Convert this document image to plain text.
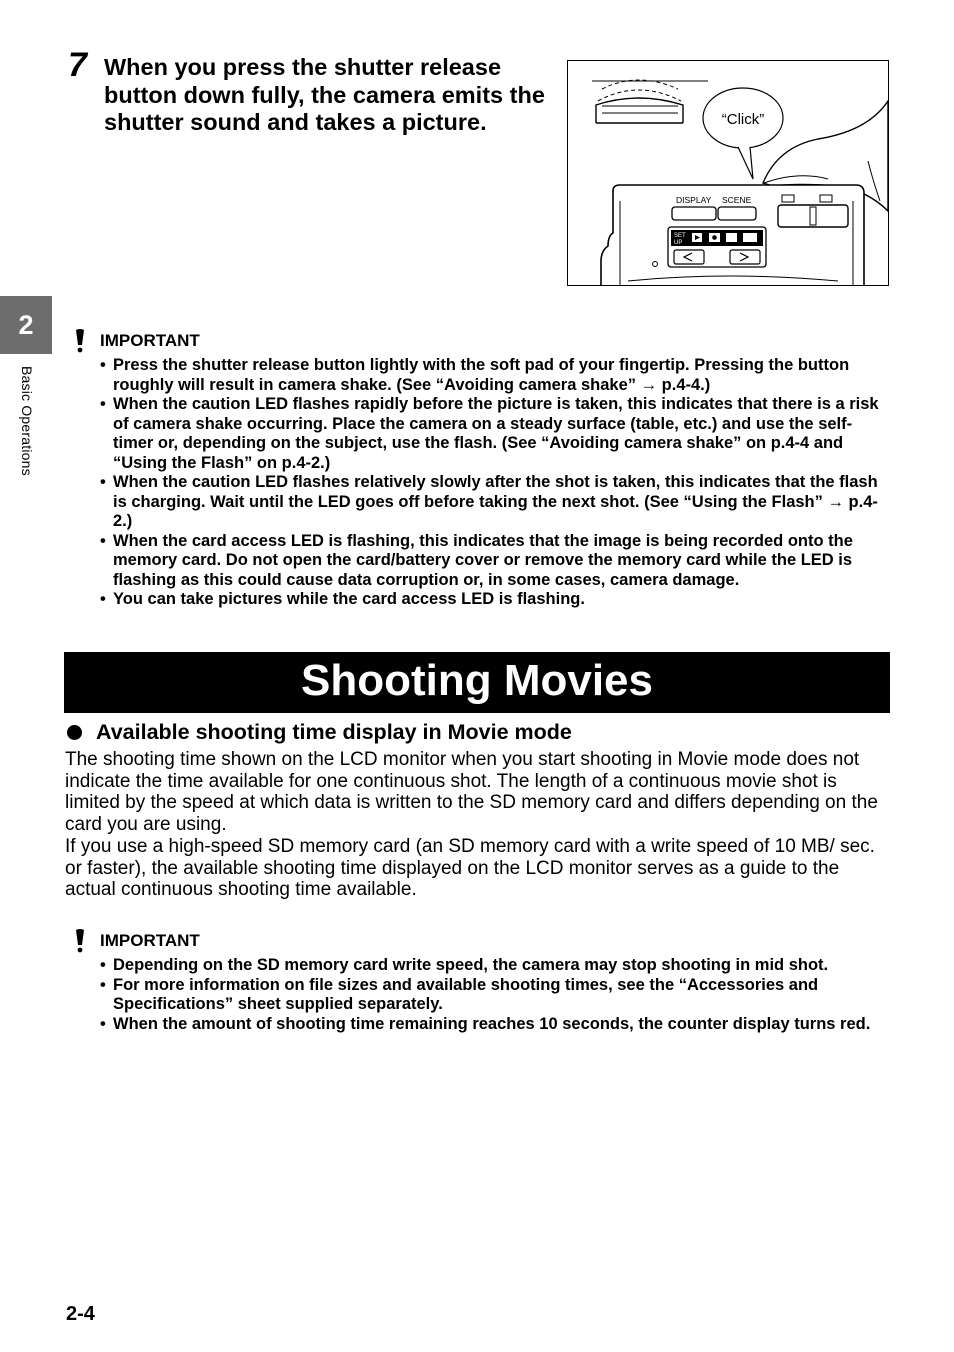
7 When you press the shutter release button down fully, the camera emits the shutter sound and takes a picture.	“Click”
DISPLAY SCENE
SET
UP
2
Basic Operations
IMPORTANT
• Press the shutter release button lightly with the soft pad of your fingertip. Pressing the button roughly will result in camera shake. (See “Avoiding camera shake” → p.4-4.)
• When the caution LED flashes rapidly before the picture is taken, this indicates that there is a risk of camera shake occurring. Place the camera on a steady surface (table, etc.) and use the self-timer or, depending on the subject, use the flash. (See “Avoiding camera shake” on p.4-4 and “Using the Flash” on p.4-2.)
• When the caution LED flashes relatively slowly after the shot is taken, this indicates that the flash is charging. Wait until the LED goes off before taking the next shot. (See “Using the Flash” → p.4-2.)
• When the card access LED is flashing, this indicates that the image is being recorded onto the memory card. Do not open the card/battery cover or remove the memory card while the LED is flashing as this could cause data corruption or, in some cases, camera damage.
• You can take pictures while the card access LED is flashing.
Shooting Movies
Available shooting time display in Movie mode

The shooting time shown on the LCD monitor when you start shooting in Movie mode does not indicate the time available for one continuous shot. The length of a continuous movie shot is limited by the speed at which data is written to the SD memory card and differs depending on the card you are using.

If you use a high-speed SD memory card (an SD memory card with a write speed of 10 MB/ sec. or faster), the available shooting time displayed on the LCD monitor serves as a guide to the actual continuous shooting time available.

IMPORTANT
• Depending on the SD memory card write speed, the camera may stop shooting in mid shot.
• For more information on file sizes and available shooting times, see the “Accessories and Specifications” sheet supplied separately.
• When the amount of shooting time remaining reaches 10 seconds, the counter display turns red.
2-4
